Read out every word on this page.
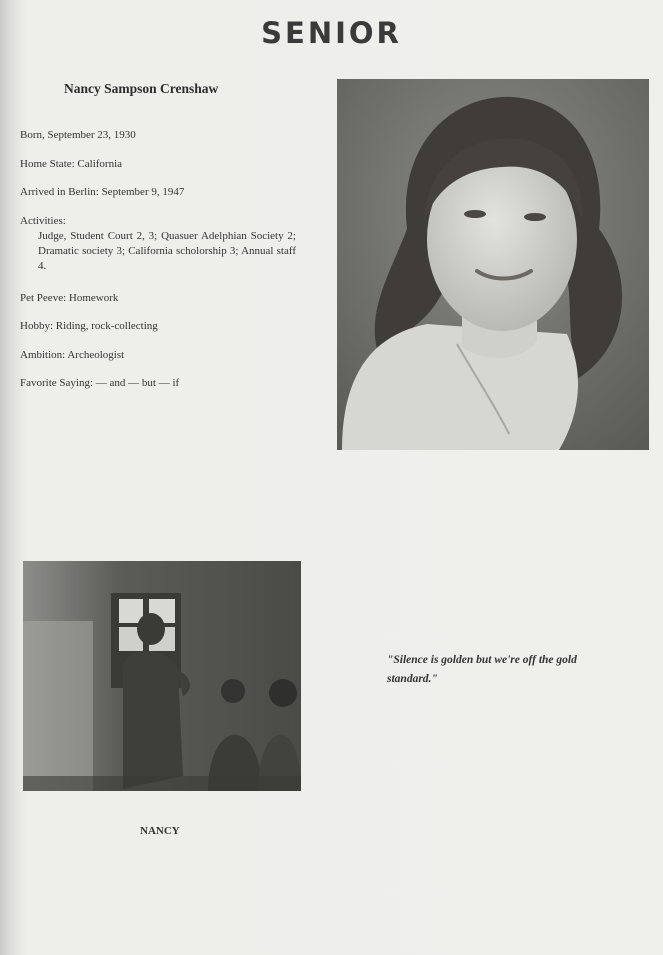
SENIOR
Nancy Sampson Crenshaw
Born, September 23, 1930
Home State: California
Arrived in Berlin: September 9, 1947
Activities:
Judge, Student Court 2, 3; Quasuer Adelphian Society 2; Dramatic society 3; California scholorship 3; Annual staff 4.
Pet Peeve: Homework
Hobby: Riding, rock-collecting
Ambition: Archeologist
Favorite Saying: — and — but — if
"Silence is golden but we're off the gold standard."
NANCY
